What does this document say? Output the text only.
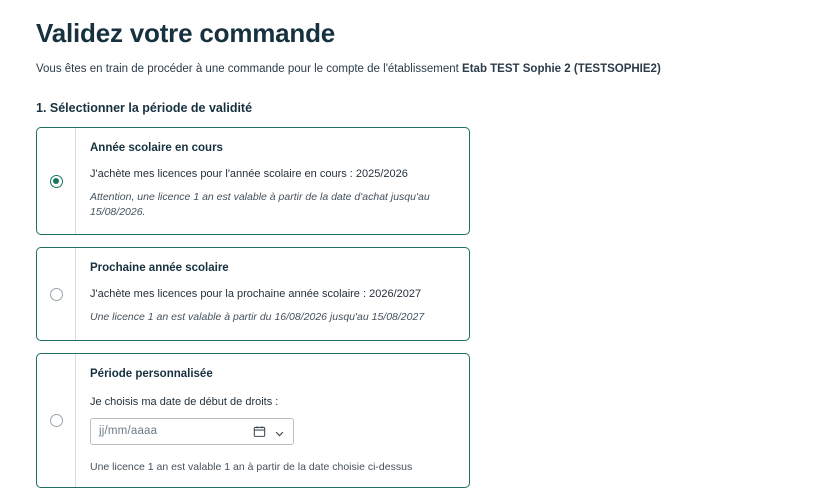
Validez votre commande

Vous êtes en train de procéder à une commande pour le compte de l'établissement Etab TEST Sophie 2 (TESTSOPHIE2)

1. Sélectionner la période de validité
Année scolaire en cours
J'achète mes licences pour l'année scolaire en cours : 2025/2026
Attention, une licence 1 an est valable à partir de la date d'achat jusqu'au 15/08/2026.
Prochaine année scolaire
J'achète mes licences pour la prochaine année scolaire : 2026/2027
Une licence 1 an est valable à partir du 16/08/2026 jusqu'au 15/08/2027
Période personnalisée
Je choisis ma date de début de droits :
jj/mm/aaaa
Une licence 1 an est valable 1 an à partir de la date choisie ci-dessus
